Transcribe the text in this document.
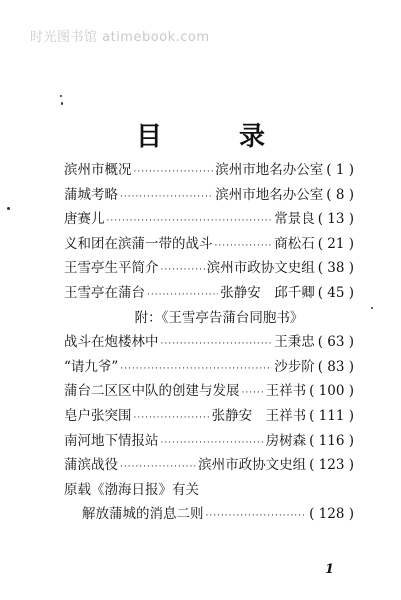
时光图书馆 atimebook.com
目 录
滨州市概况 ·····	滨州市地名办公室 ( 1 )
蒲城考略 ·····	滨州市地名办公室 ( 8 )
唐赛儿 ·····	常景良 ( 13 )
义和团在滨蒲一带的战斗 ·····	商松石 ( 21 )
王雪亭生平简介 ·····	滨州市政协文史组 ( 38 )
王雪亭在蒲台 ·····	张静安　邱千卿 ( 45 )
附：《王雪亭告蒲台同胞书》
战斗在炮楼林中 ·····	王秉忠 ( 63 )
“请九爷” ·····	沙步阶 ( 83 )
蒲台二区区中队的创建与发展 ····· 王祥书 ( 100 )
皂户张突围 ·····	张静安　王祥书 ( 111 )
南河地下情报站 ·····	房树森 ( 116 )
蒲滨战役 ·····	滨州市政协文史组 ( 123 )
原载《渤海日报》有关
解放蒲城的消息二则 ·····	( 128 )
1
